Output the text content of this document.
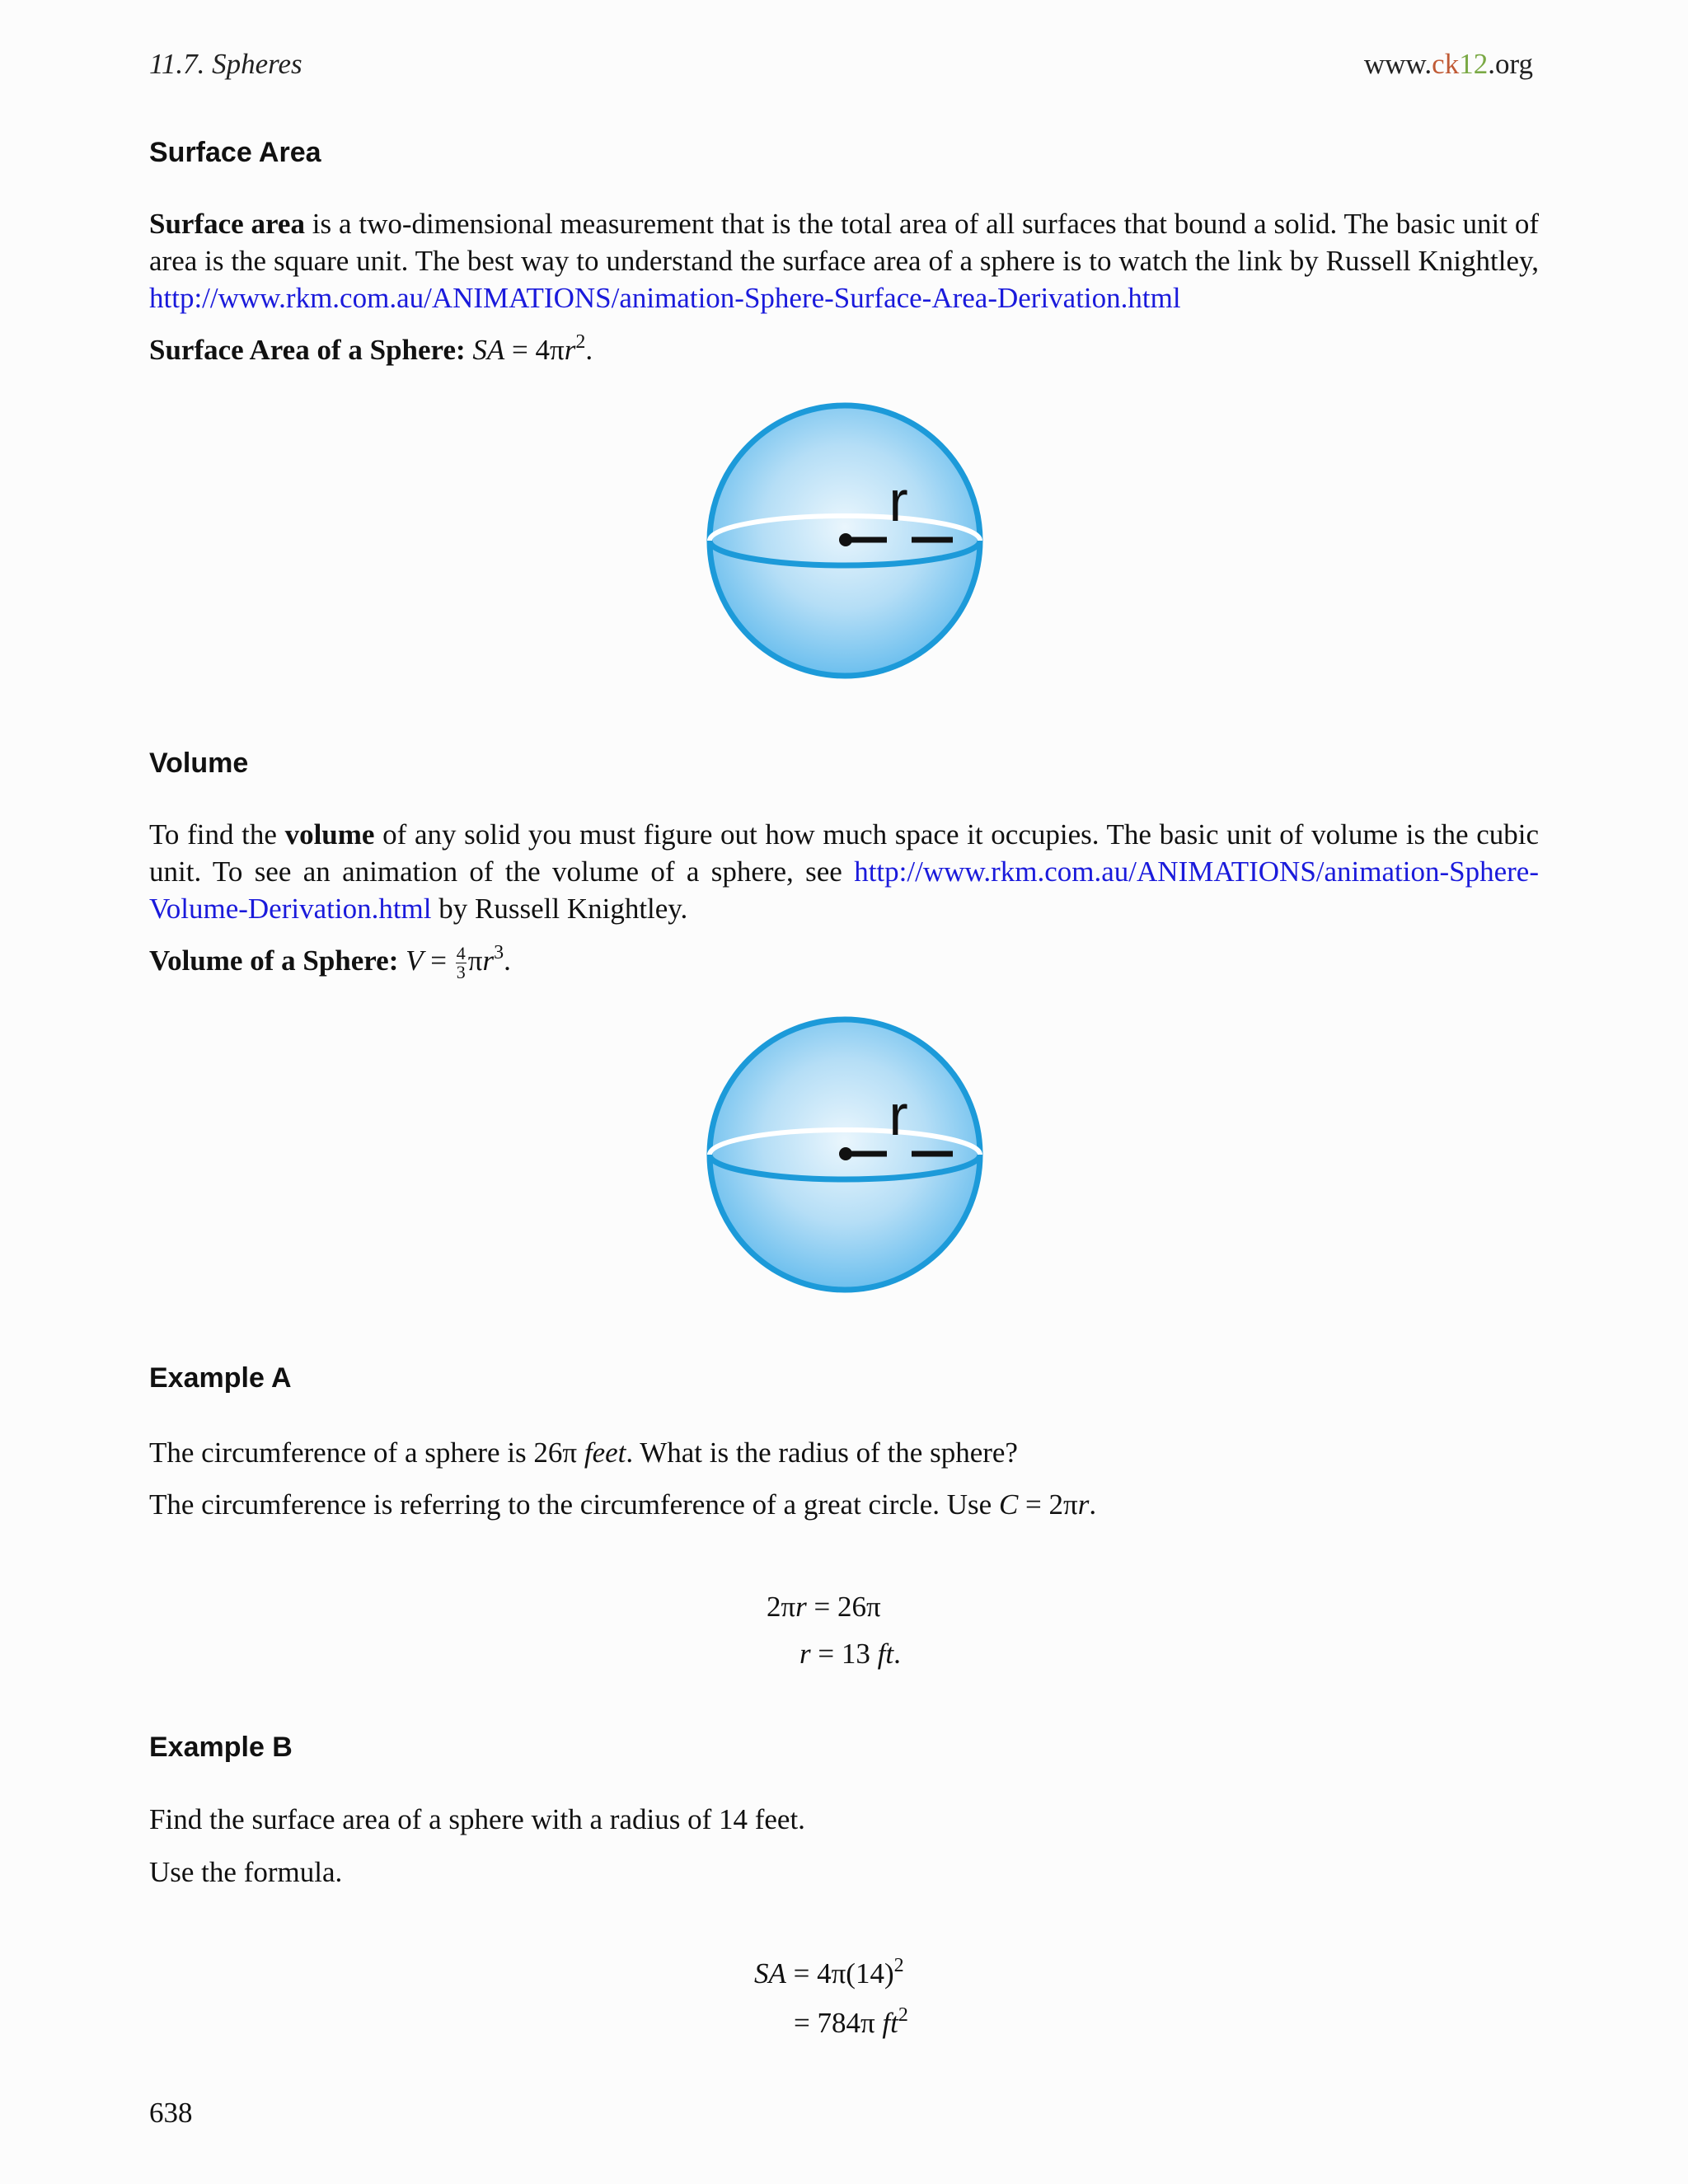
11.7. Spheres	www.ck12.org
Surface Area
Surface area is a two-dimensional measurement that is the total area of all surfaces that bound a solid. The basic unit of area is the square unit. The best way to understand the surface area of a sphere is to watch the link by Russell Knightley, http://www.rkm.com.au/ANIMATIONS/animation-Sphere-Surface-Area-Derivation.html
Surface Area of a Sphere: SA = $4\pi r^2$.
r
Volume
To find the volume of any solid you must figure out how much space it occupies. The basic unit of volume is the cubic unit. To see an animation of the volume of a sphere, see http://www.rkm.com.au/ANIMATIONS/animation-Sphere-Volume-Derivation.html by Russell Knightley.
Volume of a Sphere: $V = \frac{4}{3} \pi r^3$.
r
Example A
The circumference of a sphere is 26π feet. What is the radius of the sphere?
The circumference is referring to the circumference of a great circle. Use C = 2πr.
2πr = 26π
r = 13 ft.
Example B
Find the surface area of a sphere with a radius of 14 feet.
Use the formula.
SA = $4\pi(14)^2$
= 784π $ft^2$
638
